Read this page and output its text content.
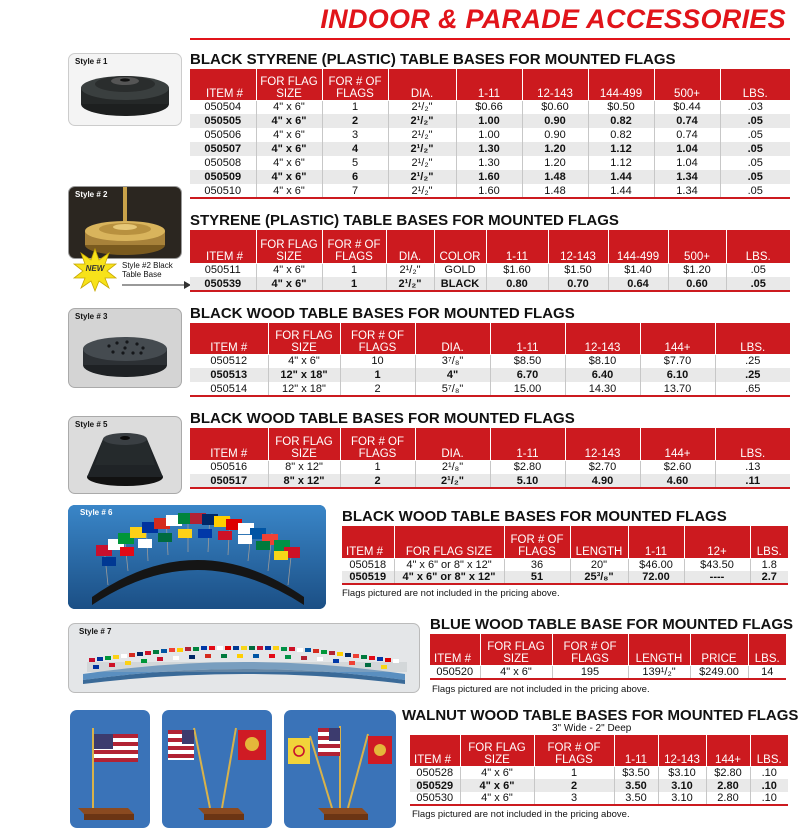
INDOOR & PARADE ACCESSORIES
Style # 1	BLACK STYRENE (PLASTIC) TABLE BASES FOR MOUNTED FLAGS
ITEM #	FOR FLAG SIZE	FOR # OF FLAGS	DIA.	1-11	12-143	144-499	500+	LBS.
050504	4" x 6"	1	2¹/₂"	$0.66	$0.60	$0.50	$0.44	.03
050505	4" x 6"	2	2¹/₂"	1.00	0.90	0.82	0.74	.05
050506	4" x 6"	3	2¹/₂"	1.00	0.90	0.82	0.74	.05
050507	4" x 6"	4	2¹/₂"	1.30	1.20	1.12	1.04	.05
050508	4" x 6"	5	2¹/₂"	1.30	1.20	1.12	1.04	.05
050509	4" x 6"	6	2¹/₂"	1.60	1.48	1.44	1.34	.05
050510	4" x 6"	7	2¹/₂"	1.60	1.48	1.44	1.34	.05
Style # 2
NEW	Style #2 Black Table Base
STYRENE (PLASTIC) TABLE BASES FOR MOUNTED FLAGS
ITEM #	FOR FLAG SIZE	FOR # OF FLAGS	DIA.	COLOR	1-11	12-143	144-499	500+	LBS.
050511	4" x 6"	1	2¹/₂"	GOLD	$1.60	$1.50	$1.40	$1.20	.05
050539	4" x 6"	1	2¹/₂"	BLACK	0.80	0.70	0.64	0.60	.05
Style # 3	BLACK WOOD TABLE BASES FOR MOUNTED FLAGS
ITEM #	FOR FLAG SIZE	FOR # OF FLAGS	DIA.	1-11	12-143	144+	LBS.
050512	4" x 6"	10	3⁷/₈"	$8.50	$8.10	$7.70	.25
050513	12" x 18"	1	4"	6.70	6.40	6.10	.25
050514	12" x 18"	2	5⁷/₈"	15.00	14.30	13.70	.65
Style # 5	BLACK WOOD TABLE BASES FOR MOUNTED FLAGS
ITEM #	FOR FLAG SIZE	FOR # OF FLAGS	DIA.	1-11	12-143	144+	LBS.
050516	8" x 12"	1	2¹/₈"	$2.80	$2.70	$2.60	.13
050517	8" x 12"	2	2¹/₂"	5.10	4.90	4.60	.11
Style # 6	BLACK WOOD TABLE BASES FOR MOUNTED FLAGS
ITEM #	FOR FLAG SIZE	FOR # OF FLAGS	LENGTH	1-11	12+	LBS.
050518	4" x 6" or 8" x 12"	36	20"	$46.00	$43.50	1.8
050519	4" x 6" or 8" x 12"	51	25³/₈"	72.00	----	2.7
Flags pictured are not included in the pricing above.
Style # 7	BLUE WOOD TABLE BASE FOR MOUNTED FLAGS
ITEM #	FOR FLAG SIZE	FOR # OF FLAGS	LENGTH	PRICE	LBS.
050520	4" x 6"	195	139¹/₂"	$249.00	14
Flags pictured are not included in the pricing above.
WALNUT WOOD TABLE BASES FOR MOUNTED FLAGS
3" Wide - 2" Deep
ITEM #	FOR FLAG SIZE	FOR # OF FLAGS	1-11	12-143	144+	LBS.
050528	4" x 6"	1	$3.50	$3.10	$2.80	.10
050529	4" x 6"	2	3.50	3.10	2.80	.10
050530	4" x 6"	3	3.50	3.10	2.80	.10
Flags pictured are not included in the pricing above.
